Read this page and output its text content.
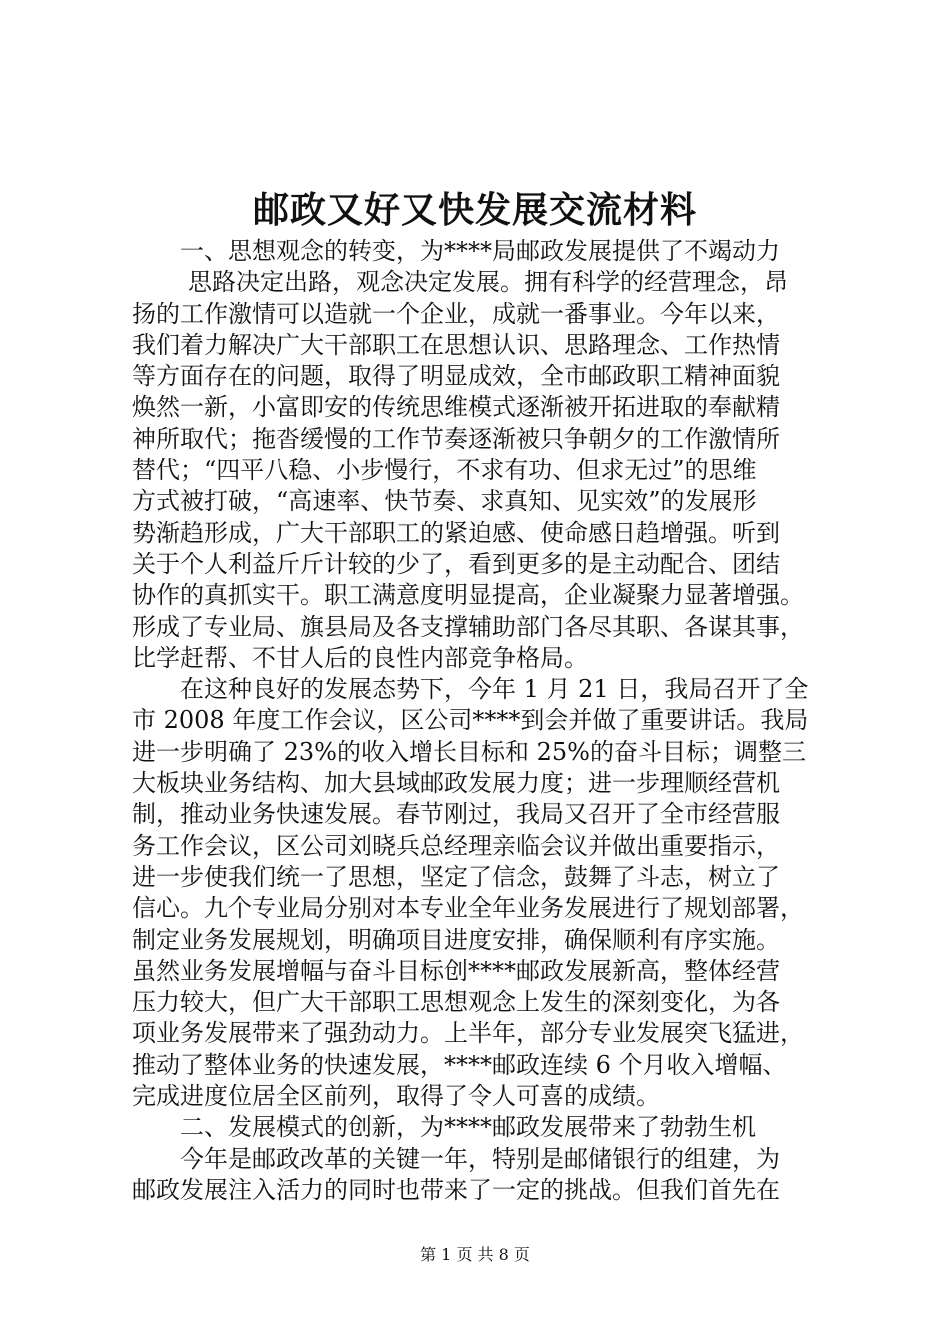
邮政又好又快发展交流材料
一、思想观念的转变，为****局邮政发展提供了不竭动力
思路决定出路，观念决定发展。拥有科学的经营理念，昂
扬的工作激情可以造就一个企业，成就一番事业。今年以来，
我们着力解决广大干部职工在思想认识、思路理念、工作热情
等方面存在的问题，取得了明显成效，全市邮政职工精神面貌
焕然一新，小富即安的传统思维模式逐渐被开拓进取的奉献精
神所取代；拖沓缓慢的工作节奏逐渐被只争朝夕的工作激情所
替代；“四平八稳、小步慢行，不求有功、但求无过”的思维
方式被打破，“高速率、快节奏、求真知、见实效”的发展形
势渐趋形成，广大干部职工的紧迫感、使命感日趋增强。听到
关于个人利益斤斤计较的少了，看到更多的是主动配合、团结
协作的真抓实干。职工满意度明显提高，企业凝聚力显著增强。
形成了专业局、旗县局及各支撑辅助部门各尽其职、各谋其事，
比学赶帮、不甘人后的良性内部竞争格局。
在这种良好的发展态势下，今年 1 月 21 日，我局召开了全
市 2008 年度工作会议，区公司****到会并做了重要讲话。我局
进一步明确了 23%的收入增长目标和 25%的奋斗目标；调整三
大板块业务结构、加大县域邮政发展力度；进一步理顺经营机
制，推动业务快速发展。春节刚过，我局又召开了全市经营服
务工作会议，区公司刘晓兵总经理亲临会议并做出重要指示，
进一步使我们统一了思想，坚定了信念，鼓舞了斗志，树立了
信心。九个专业局分别对本专业全年业务发展进行了规划部署，
制定业务发展规划，明确项目进度安排，确保顺利有序实施。
虽然业务发展增幅与奋斗目标创****邮政发展新高，整体经营
压力较大，但广大干部职工思想观念上发生的深刻变化，为各
项业务发展带来了强劲动力。上半年，部分专业发展突飞猛进，
推动了整体业务的快速发展，****邮政连续 6 个月收入增幅、
完成进度位居全区前列，取得了令人可喜的成绩。
二、发展模式的创新，为****邮政发展带来了勃勃生机
今年是邮政改革的关键一年，特别是邮储银行的组建，为
邮政发展注入活力的同时也带来了一定的挑战。但我们首先在
第 1 页 共 8 页
